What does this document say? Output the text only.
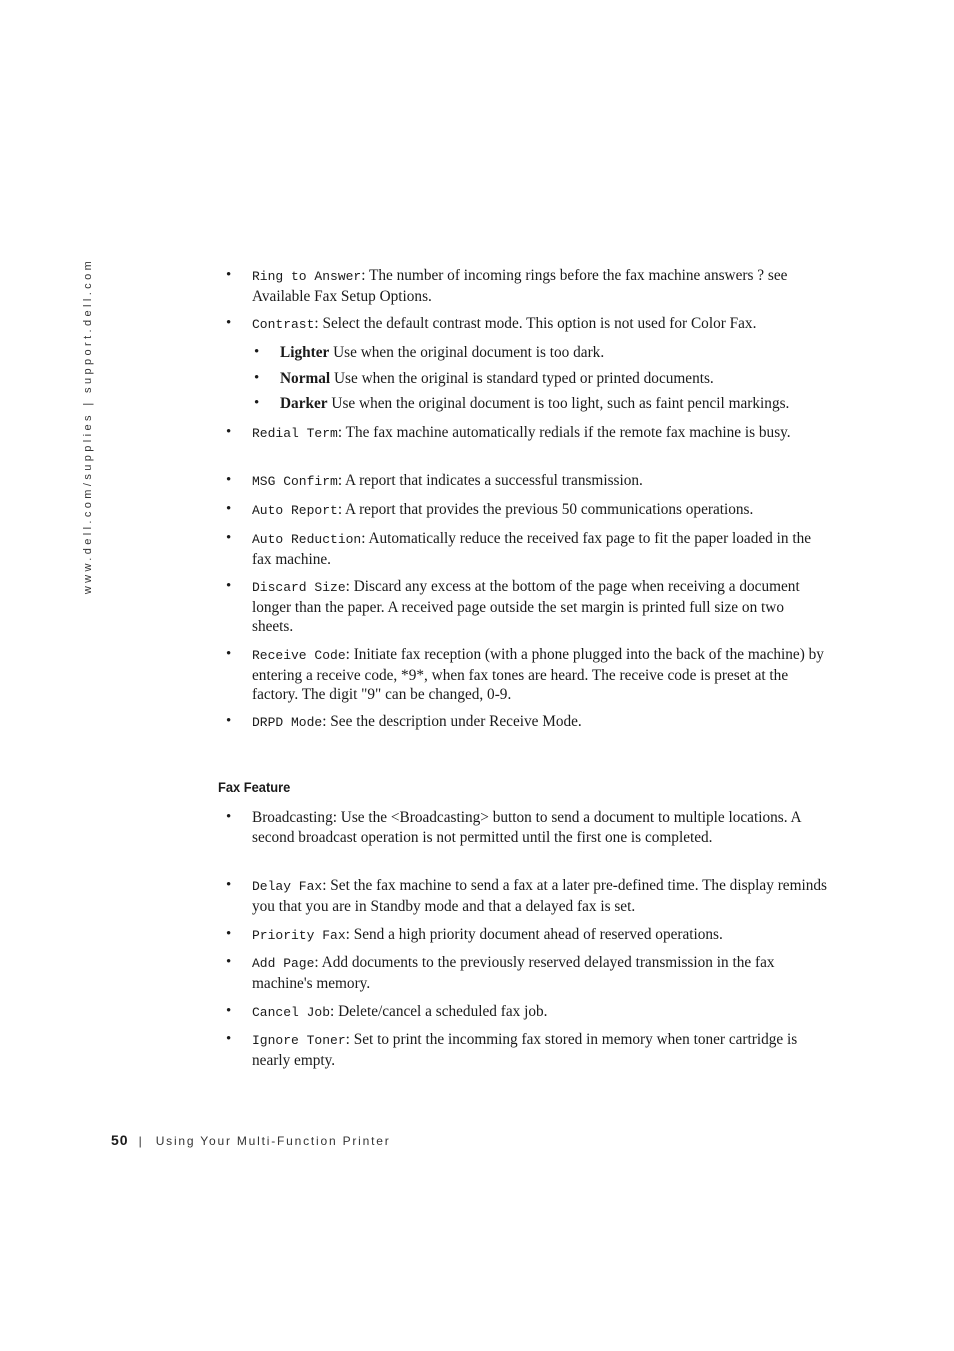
www.dell.com/supplies | support.dell.com	• Ring to Answer: The number of incoming rings before the fax machine answers ? see Available Fax Setup Options.
• Contrast: Select the default contrast mode. This option is not used for Color Fax.
• Lighter Use when the original document is too dark.
• Normal Use when the original is standard typed or printed documents.
• Darker Use when the original document is too light, such as faint pencil markings.
• Redial Term: The fax machine automatically redials if the remote fax machine is busy.
• MSG Confirm: A report that indicates a successful transmission.
• Auto Report: A report that provides the previous 50 communications operations.
• Auto Reduction: Automatically reduce the received fax page to fit the paper loaded in the fax machine.
• Discard Size: Discard any excess at the bottom of the page when receiving a document longer than the paper. A received page outside the set margin is printed full size on two sheets.
• Receive Code: Initiate fax reception (with a phone plugged into the back of the machine) by entering a receive code, *9*, when fax tones are heard. The receive code is preset at the factory. The digit "9" can be changed, 0-9.
• DRPD Mode: See the description under Receive Mode.
Fax Feature
• Broadcasting: Use the <Broadcasting> button to send a document to multiple locations. A second broadcast operation is not permitted until the first one is completed.
• Delay Fax: Set the fax machine to send a fax at a later pre-defined time. The display reminds you that you are in Standby mode and that a delayed fax is set.
• Priority Fax: Send a high priority document ahead of reserved operations.
• Add Page: Add documents to the previously reserved delayed transmission in the fax machine's memory.
• Cancel Job: Delete/cancel a scheduled fax job.
• Ignore Toner: Set to print the incomming fax stored in memory when toner cartridge is nearly empty.
50 | Using Your Multi-Function Printer
